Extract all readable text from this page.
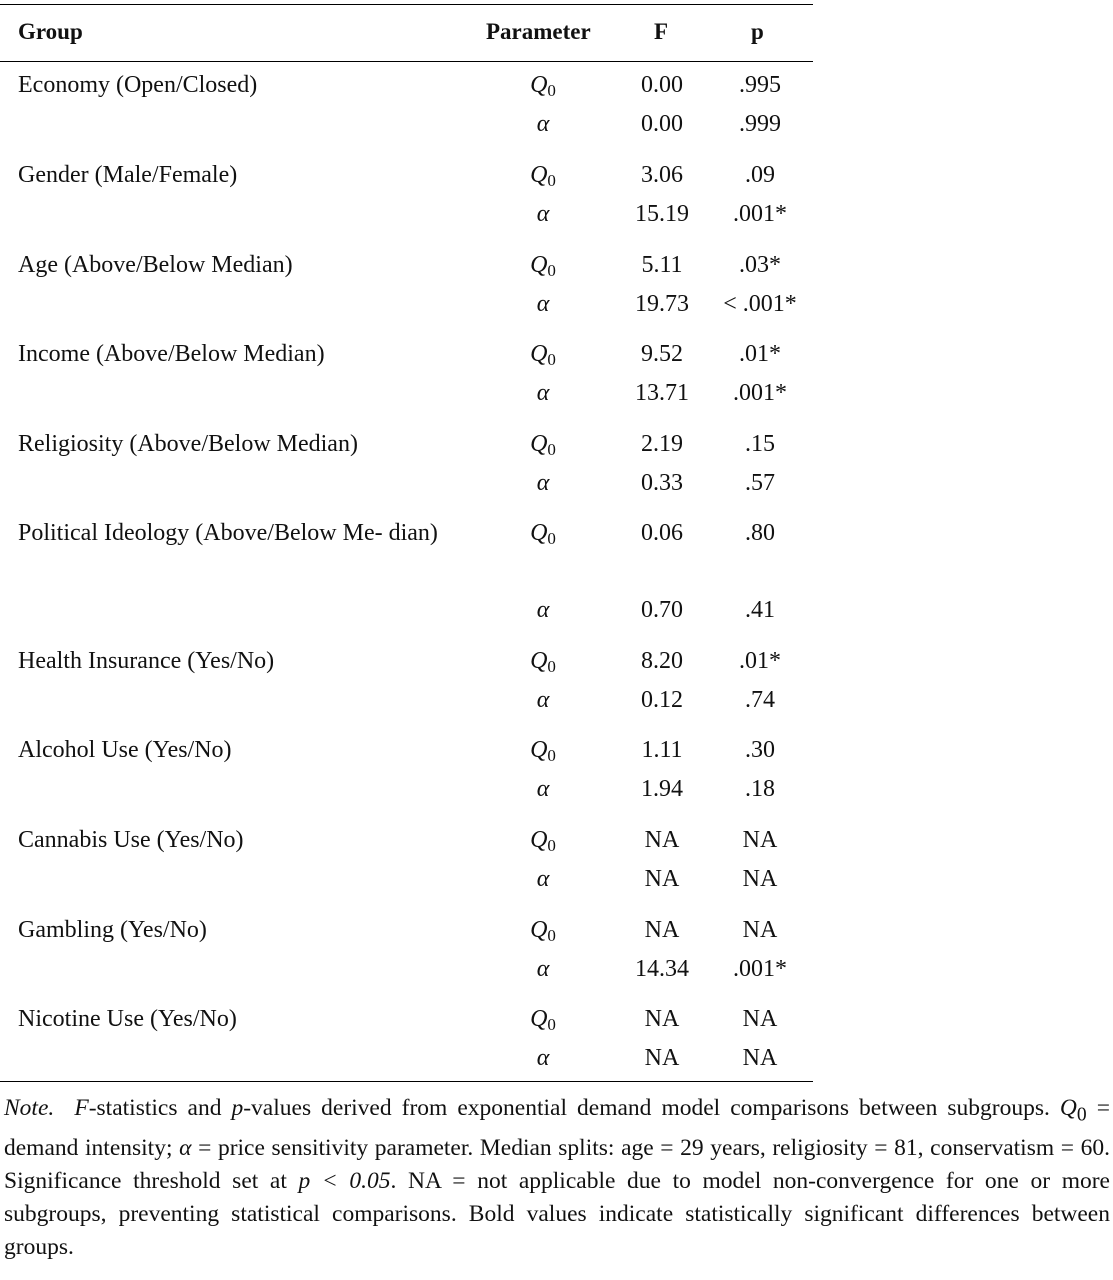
Group	Parameter	F	p
Economy (Open/Closed)	$Q_0$	0.00	.995
α	0.00	.999
Gender (Male/Female)	$Q_0$	3.06	.09
α	15.19	.001*
Age (Above/Below Median)	$Q_0$	5.11	.03*
α	19.73	< .001*
Income (Above/Below Median)	$Q_0$	9.52	.01*
α	13.71	.001*
Religiosity (Above/Below Median)	$Q_0$	2.19	.15
α	0.33	.57
Political Ideology (Above/Below Me- dian)	$Q_0$	0.06	.80
α	0.70	.41
Health Insurance (Yes/No)	$Q_0$	8.20	.01*
α	0.12	.74
Alcohol Use (Yes/No)	$Q_0$	1.11	.30
α	1.94	.18
Cannabis Use (Yes/No)	$Q_0$	NA	NA
α	NA	NA
Gambling (Yes/No)	$Q_0$	NA	NA
α	14.34	.001*
Nicotine Use (Yes/No)	$Q_0$	NA	NA
α	NA	NA
Note. F-statistics and p-values derived from exponential demand model comparisons between subgroups. $Q_0$ = demand intensity; α = price sensitivity parameter. Median splits: age = 29 years, religiosity = 81, conservatism = 60. Significance threshold set at p < 0.05. NA = not applicable due to model non-convergence for one or more subgroups, preventing statistical comparisons. Bold values indicate statistically significant differences between groups.
